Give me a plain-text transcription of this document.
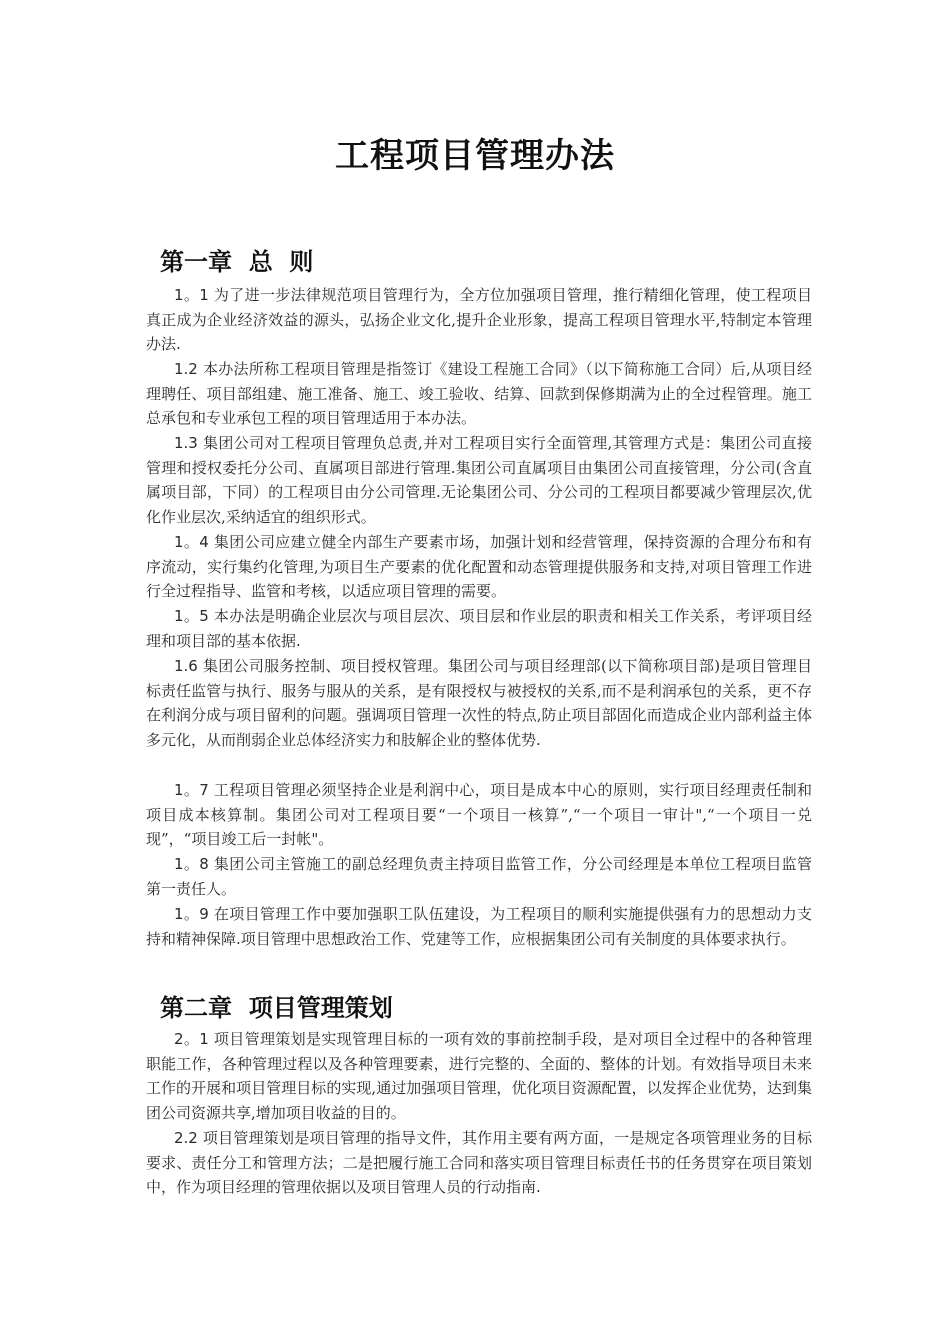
工程项目管理办法
第一章  总  则
1。1 为了进一步法律规范项目管理行为，全方位加强项目管理，推行精细化管理，使工程项目真正成为企业经济效益的源头，弘扬企业文化,提升企业形象，提高工程项目管理水平,特制定本管理办法.
1.2 本办法所称工程项目管理是指签订《建设工程施工合同》（以下简称施工合同）后,从项目经理聘任、项目部组建、施工准备、施工、竣工验收、结算、回款到保修期满为止的全过程管理。施工总承包和专业承包工程的项目管理适用于本办法。
1.3 集团公司对工程项目管理负总责,并对工程项目实行全面管理,其管理方式是：集团公司直接管理和授权委托分公司、直属项目部进行管理.集团公司直属项目由集团公司直接管理，分公司(含直属项目部，下同）的工程项目由分公司管理.无论集团公司、分公司的工程项目都要减少管理层次,优化作业层次,采纳适宜的组织形式。
1。4 集团公司应建立健全内部生产要素市场，加强计划和经营管理，保持资源的合理分布和有序流动，实行集约化管理,为项目生产要素的优化配置和动态管理提供服务和支持,对项目管理工作进行全过程指导、监管和考核，以适应项目管理的需要。
1。5 本办法是明确企业层次与项目层次、项目层和作业层的职责和相关工作关系，考评项目经理和项目部的基本依据.
1.6 集团公司服务控制、项目授权管理。集团公司与项目经理部(以下简称项目部)是项目管理目标责任监管与执行、服务与服从的关系，是有限授权与被授权的关系,而不是利润承包的关系，更不存在利润分成与项目留利的问题。强调项目管理一次性的特点,防止项目部固化而造成企业内部利益主体多元化，从而削弱企业总体经济实力和肢解企业的整体优势.
1。7 工程项目管理必须坚持企业是利润中心，项目是成本中心的原则，实行项目经理责任制和项目成本核算制。集团公司对工程项目要“一个项目一核算”,“一个项目一审计",“一个项目一兑现”，“项目竣工后一封帐"。
1。8 集团公司主管施工的副总经理负责主持项目监管工作，分公司经理是本单位工程项目监管第一责任人。
1。9 在项目管理工作中要加强职工队伍建设，为工程项目的顺利实施提供强有力的思想动力支持和精神保障.项目管理中思想政治工作、党建等工作，应根据集团公司有关制度的具体要求执行。
第二章  项目管理策划
2。1 项目管理策划是实现管理目标的一项有效的事前控制手段，是对项目全过程中的各种管理职能工作，各种管理过程以及各种管理要素，进行完整的、全面的、整体的计划。有效指导项目未来工作的开展和项目管理目标的实现,通过加强项目管理，优化项目资源配置，以发挥企业优势，达到集团公司资源共享,增加项目收益的目的。
2.2 项目管理策划是项目管理的指导文件，其作用主要有两方面，一是规定各项管理业务的目标要求、责任分工和管理方法；二是把履行施工合同和落实项目管理目标责任书的任务贯穿在项目策划中，作为项目经理的管理依据以及项目管理人员的行动指南.
